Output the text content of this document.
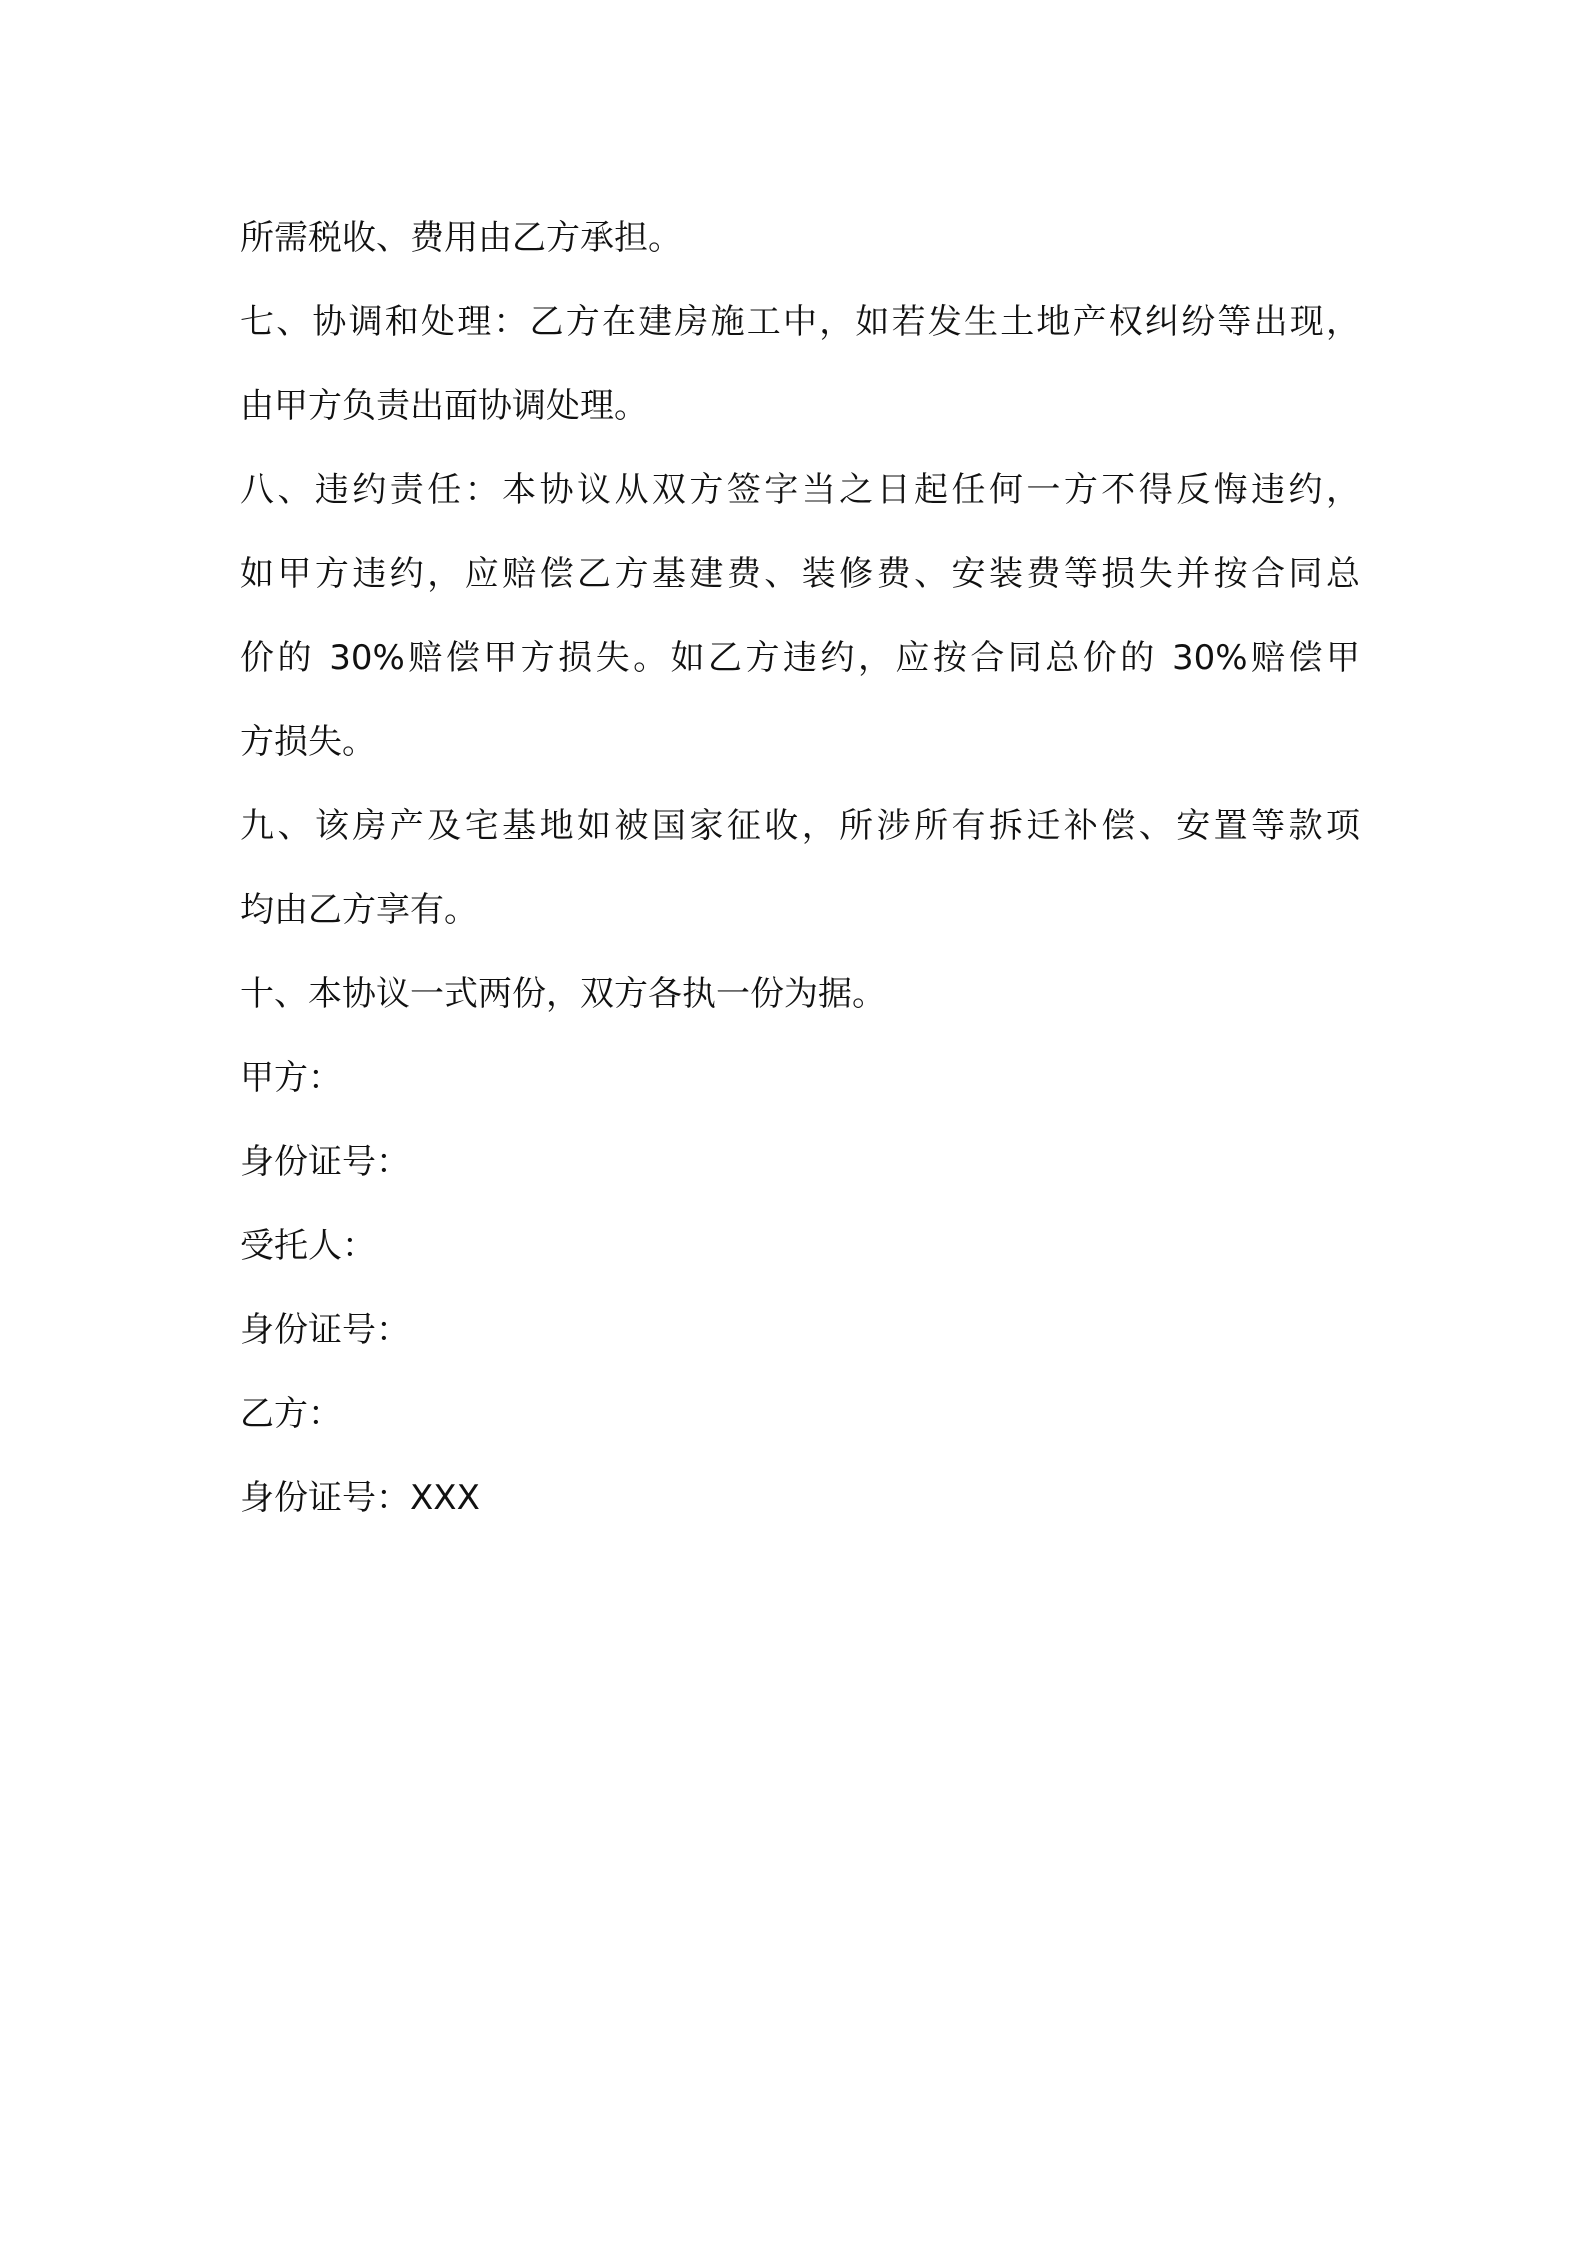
所需税收、费用由乙方承担。
七、协调和处理：乙方在建房施工中，如若发生土地产权纠纷等出现，
由甲方负责出面协调处理。
八、违约责任：本协议从双方签字当之日起任何一方不得反悔违约，
如甲方违约，应赔偿乙方基建费、装修费、安装费等损失并按合同总
价的 30%赔偿甲方损失。如乙方违约，应按合同总价的 30%赔偿甲
方损失。
九、该房产及宅基地如被国家征收，所涉所有拆迁补偿、安置等款项
均由乙方享有。
十、本协议一式两份，双方各执一份为据。
甲方：
身份证号：
受托人：
身份证号：
乙方：
身份证号：XXX
